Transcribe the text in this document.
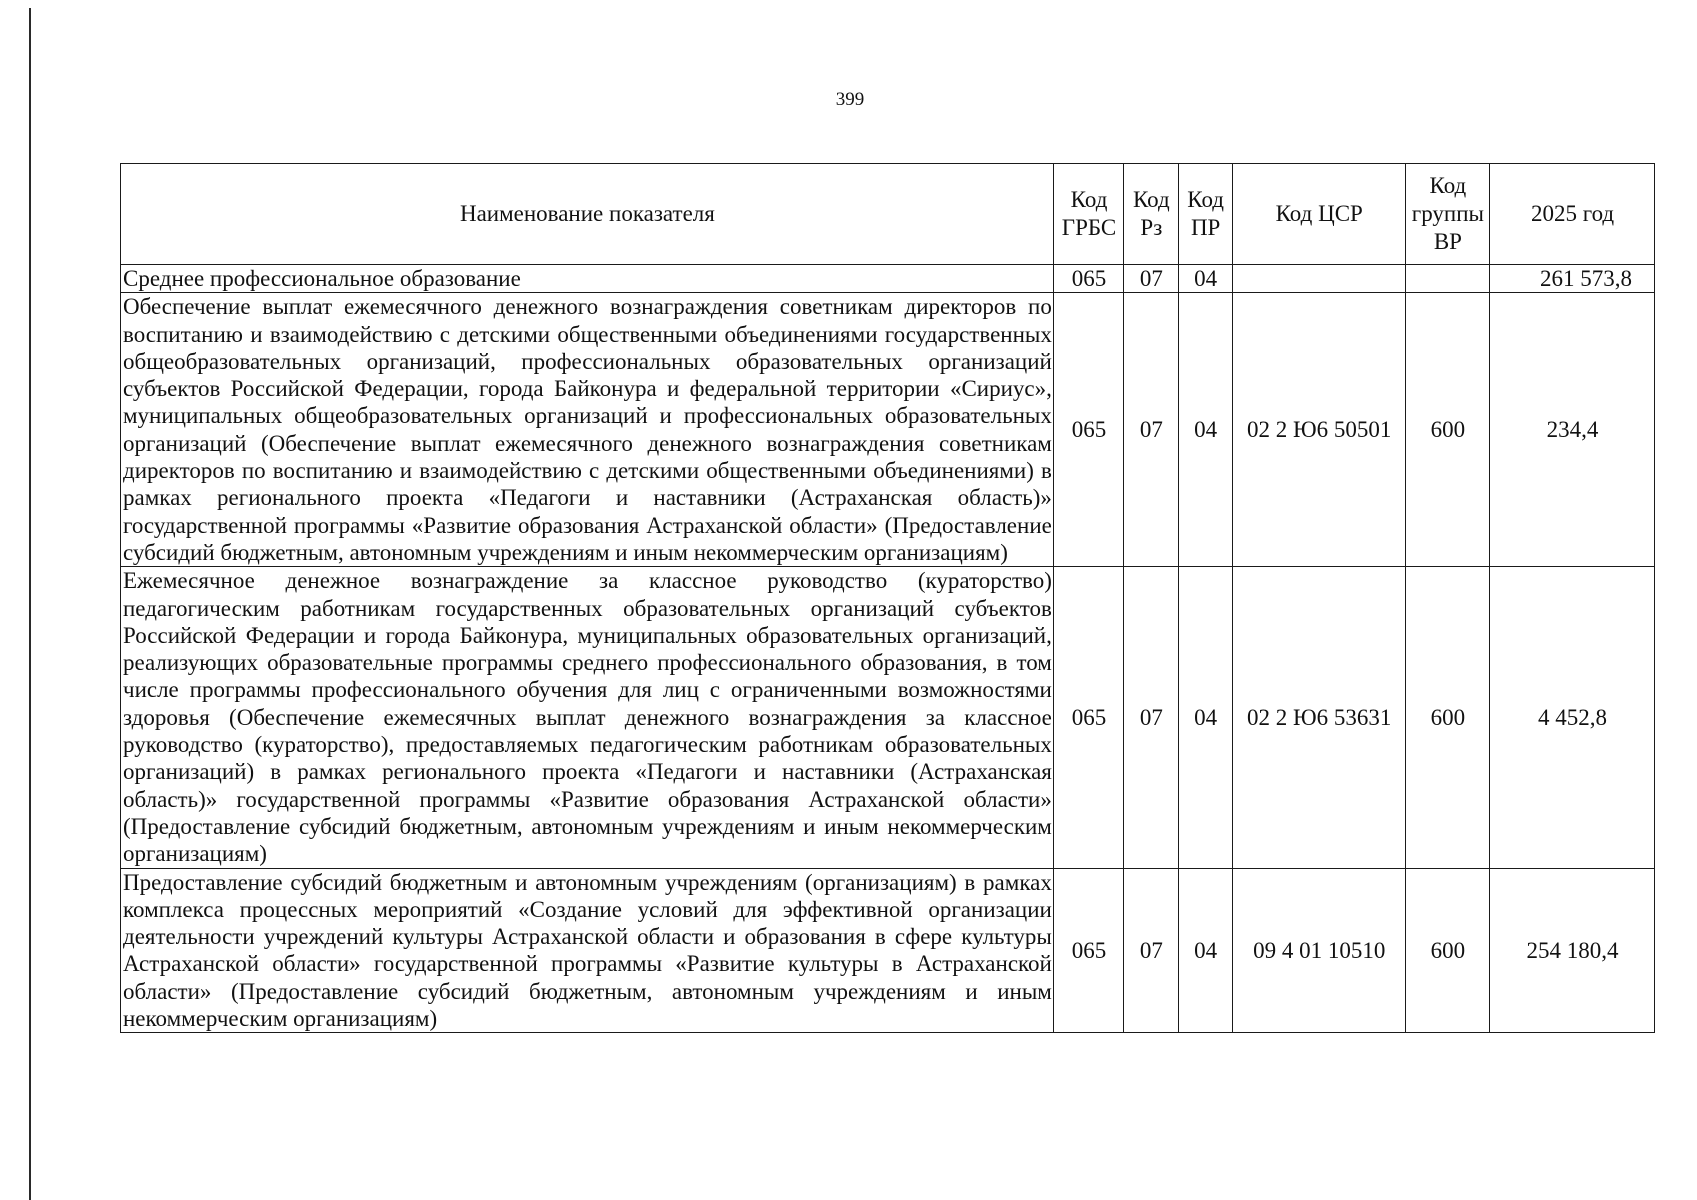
399
Наименование показателя	Код ГРБС	Код Рз	Код ПР	Код ЦСР	Код группы ВР	2025 год
Среднее профессиональное образование	065	07	04			261 573,8
Обеспечение выплат ежемесячного денежного вознаграждения советникам директоров по воспитанию и взаимодействию с детскими общественными объединениями государственных общеобразовательных организаций, профессиональных образовательных организаций субъектов Российской Федерации, города Байконура и федеральной территории «Сириус», муниципальных общеобразовательных организаций и профессиональных образовательных организаций (Обеспечение выплат ежемесячного денежного вознаграждения советникам директоров по воспитанию и взаимодействию с детскими общественными объединениями) в рамках регионального проекта «Педагоги и наставники (Астраханская область)» государственной программы «Развитие образования Астраханской области» (Предоставление субсидий бюджетным, автономным учреждениям и иным некоммерческим организациям)	065	07	04	02 2 Ю6 50501	600	234,4
Ежемесячное денежное вознаграждение за классное руководство (кураторство) педагогическим работникам государственных образовательных организаций субъектов Российской Федерации и города Байконура, муниципальных образовательных организаций, реализующих образовательные программы среднего профессионального образования, в том числе программы профессионального обучения для лиц с ограниченными возможностями здоровья (Обеспечение ежемесячных выплат денежного вознаграждения за классное руководство (кураторство), предоставляемых педагогическим работникам образовательных организаций) в рамках регионального проекта «Педагоги и наставники (Астраханская область)» государственной программы «Развитие образования Астраханской области» (Предоставление субсидий бюджетным, автономным учреждениям и иным некоммерческим организациям)	065	07	04	02 2 Ю6 53631	600	4 452,8
Предоставление субсидий бюджетным и автономным учреждениям (организациям) в рамках комплекса процессных мероприятий «Создание условий для эффективной организации деятельности учреждений культуры Астраханской области и образования в сфере культуры Астраханской области» государственной программы «Развитие культуры в Астраханской области» (Предоставление субсидий бюджетным, автономным учреждениям и иным некоммерческим организациям)	065	07	04	09 4 01 10510	600	254 180,4
